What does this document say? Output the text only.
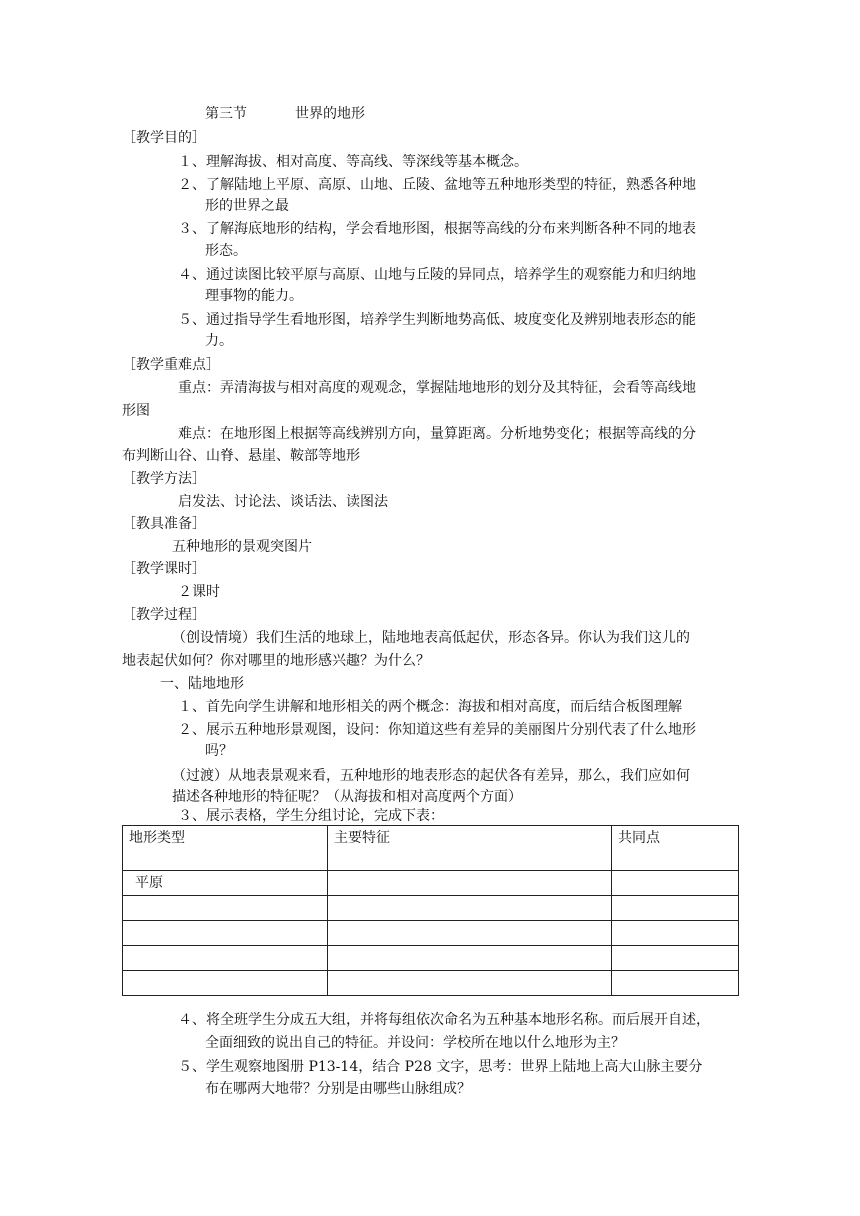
第三节	世界的地形
［教学目的］
１、理解海拔、相对高度、等高线、等深线等基本概念。
２、了解陆地上平原、高原、山地、丘陵、盆地等五种地形类型的特征，熟悉各种地
形的世界之最
３、了解海底地形的结构，学会看地形图，根据等高线的分布来判断各种不同的地表
形态。
４、通过读图比较平原与高原、山地与丘陵的异同点，培养学生的观察能力和归纳地
理事物的能力。
５、通过指导学生看地形图，培养学生判断地势高低、坡度变化及辨别地表形态的能
力。
［教学重难点］
重点：弄清海拔与相对高度的观观念，掌握陆地地形的划分及其特征，会看等高线地
形图
难点：在地形图上根据等高线辨别方向，量算距离。分析地势变化；根据等高线的分
布判断山谷、山脊、悬崖、鞍部等地形
［教学方法］
启发法、讨论法、谈话法、读图法
［教具准备］
五种地形的景观突图片
［教学课时］
２课时
［教学过程］
（创设情境）我们生活的地球上，陆地地表高低起伏，形态各异。你认为我们这儿的
地表起伏如何？你对哪里的地形感兴趣？为什么？
一、陆地地形
１、首先向学生讲解和地形相关的两个概念：海拔和相对高度，而后结合板图理解
２、展示五种地形景观图，设问：你知道这些有差异的美丽图片分别代表了什么地形
吗？
（过渡）从地表景观来看，五种地形的地表形态的起伏各有差异，那么，我们应如何
描述各种地形的特征呢？（从海拔和相对高度两个方面）
３、展示表格，学生分组讨论，完成下表：
地形类型	主要特征	共同点
平原		

４、将全班学生分成五大组，并将每组依次命名为五种基本地形名称。而后展开自述，
全面细致的说出自己的特征。并设问：学校所在地以什么地形为主？
５、学生观察地图册 P13-14，结合 P28 文字，思考：世界上陆地上高大山脉主要分
布在哪两大地带？分别是由哪些山脉组成？
